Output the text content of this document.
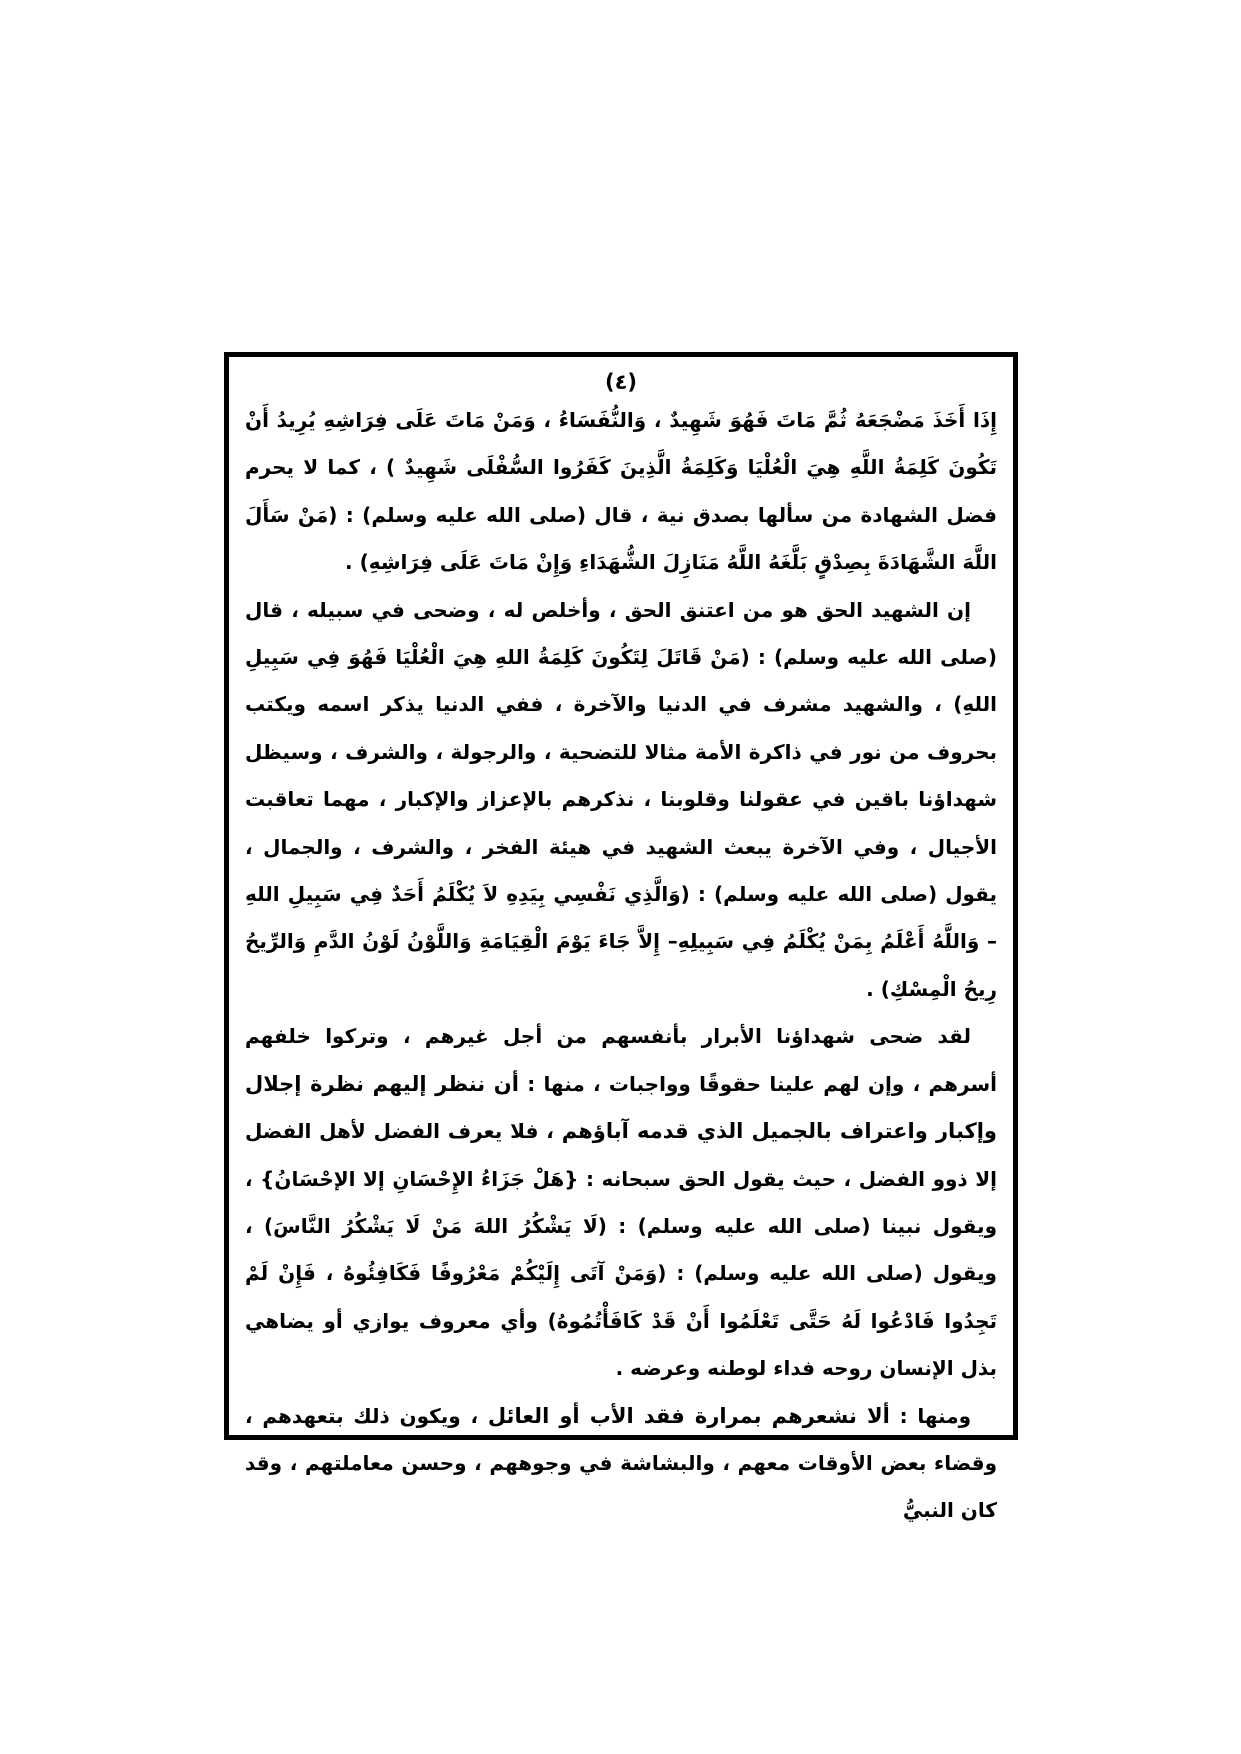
(٤)

إِذَا أَخَذَ مَضْجَعَهُ ثُمَّ مَاتَ فَهُوَ شَهِيدٌ ، وَالنُّفَسَاءُ ، وَمَنْ مَاتَ عَلَى فِرَاشِهِ يُرِيدُ أَنْ تَكُونَ كَلِمَةُ اللَّهِ هِيَ الْعُلْيَا وَكَلِمَةُ الَّذِينَ كَفَرُوا السُّفْلَى شَهِيدٌ ) ، كما لا يحرم فضل الشهادة من سألها بصدق نية ، قال (صلى الله عليه وسلم) : (مَنْ سَأَلَ اللَّهَ الشَّهَادَةَ بِصِدْقٍ بَلَّغَهُ اللَّهُ مَنَازِلَ الشُّهَدَاءِ وَإِنْ مَاتَ عَلَى فِرَاشِهِ) .

إن الشهيد الحق هو من اعتنق الحق ، وأخلص له ، وضحى في سبيله ، قال (صلى الله عليه وسلم) : (مَنْ قَاتَلَ لِتَكُونَ كَلِمَةُ اللهِ هِيَ الْعُلْيَا فَهُوَ فِي سَبِيلِ اللهِ) ، والشهيد مشرف في الدنيا والآخرة ، ففي الدنيا يذكر اسمه ويكتب بحروف من نور في ذاكرة الأمة مثالا للتضحية ، والرجولة ، والشرف ، وسيظل شهداؤنا باقين في عقولنا وقلوبنا ، نذكرهم بالإعزاز والإكبار ، مهما تعاقبت الأجيال ، وفي الآخرة يبعث الشهيد في هيئة الفخر ، والشرف ، والجمال ، يقول (صلى الله عليه وسلم) : (وَالَّذِي نَفْسِي بِيَدِهِ لاَ يُكْلَمُ أَحَدٌ فِي سَبِيلِ اللهِ – وَاللَّهُ أَعْلَمُ بِمَنْ يُكْلَمُ فِي سَبِيلِهِ– إِلاَّ جَاءَ يَوْمَ الْقِيَامَةِ وَاللَّوْنُ لَوْنُ الدَّمِ وَالرِّيحُ رِيحُ الْمِسْكِ) .

لقد ضحى شهداؤنا الأبرار بأنفسهم من أجل غيرهم ، وتركوا خلفهم أسرهم ، وإن لهم علينا حقوقًا وواجبات ، منها : أن ننظر إليهم نظرة إجلال وإكبار واعتراف بالجميل الذي قدمه آباؤهم ، فلا يعرف الفضل لأهل الفضل إلا ذوو الفضل ، حيث يقول الحق سبحانه : {هَلْ جَزَاءُ الإِحْسَانِ إلا الإحْسَانُ} ، ويقول نبينا (صلى الله عليه وسلم) : (لَا يَشْكُرُ اللهَ مَنْ لَا يَشْكُرُ النَّاسَ) ، ويقول (صلى الله عليه وسلم) : (وَمَنْ آتَى إِلَيْكُمْ مَعْرُوفًا فَكَافِئُوهُ ، فَإِنْ لَمْ تَجِدُوا فَادْعُوا لَهُ حَتَّى تَعْلَمُوا أَنْ قَدْ كَافَأْتُمُوهُ) وأي معروف يوازي أو يضاهي بذل الإنسان روحه فداء لوطنه وعرضه .

ومنها : ألا نشعرهم بمرارة فقد الأب أو العائل ، ويكون ذلك بتعهدهم ، وقضاء بعض الأوقات معهم ، والبشاشة في وجوههم ، وحسن معاملتهم ، وقد كان النبيُّ
